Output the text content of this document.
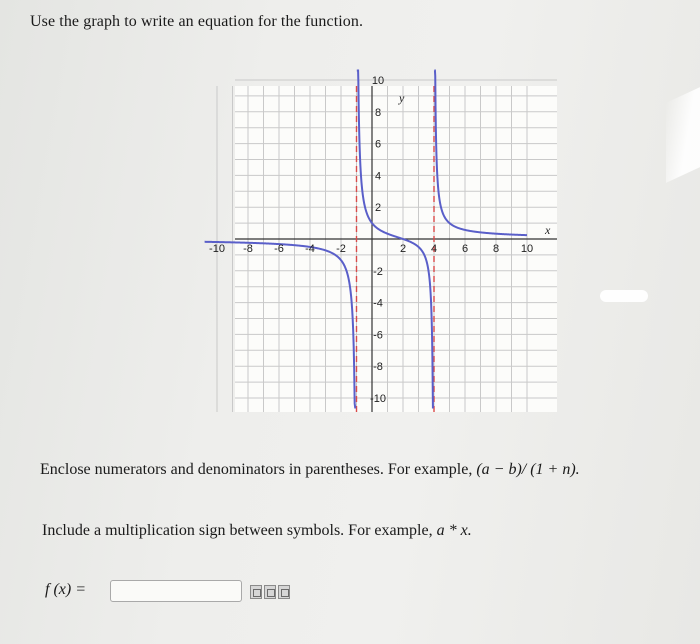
Use the graph to write an equation for the function.
-10 -8 -6 -4 -2	2 4 6 8 10
10
8
6
4
2
-2
-4
-6
-8
-10
y
x
Enclose numerators and denominators in parentheses. For example, (a − b)/ (1 + n).
Include a multiplication sign between symbols. For example, a * x.
f (x) =
